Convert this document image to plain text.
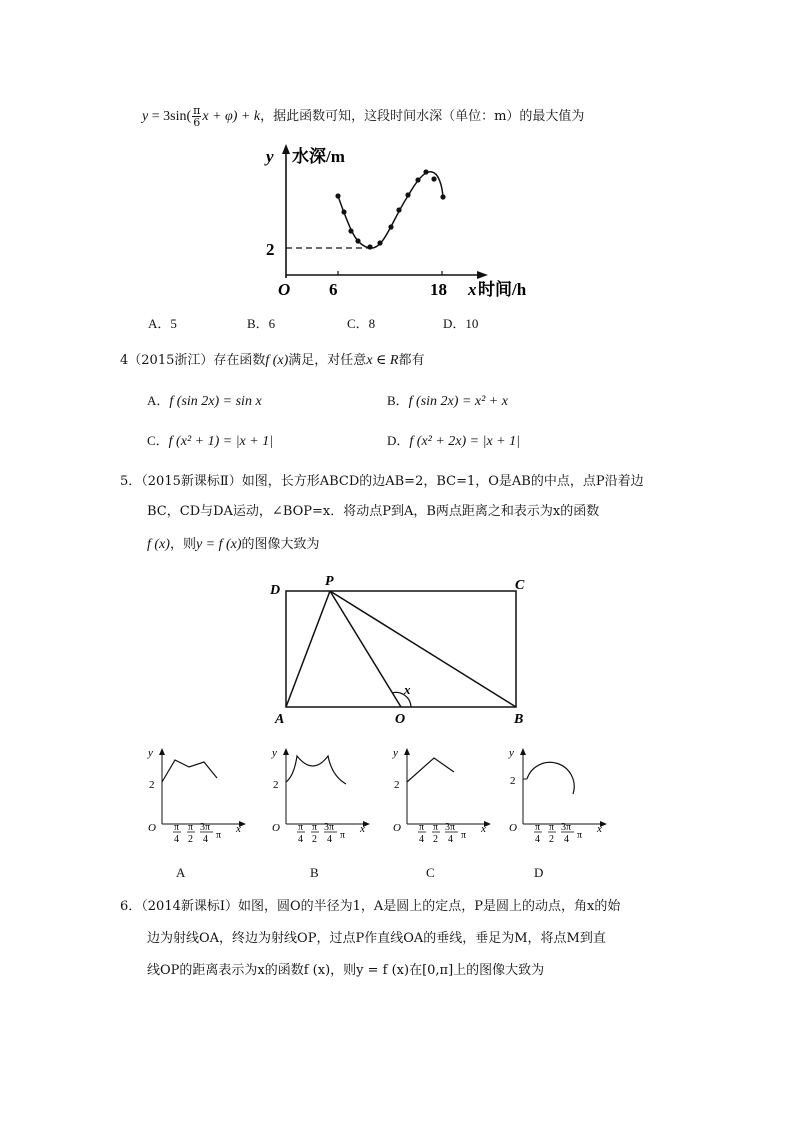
$y = 3\sin( \frac{\pi}{6}$ x + φ) + k，据此函数可知，这段时间水深（单位：m）的最大值为
y 水深/m
O
2
6	18 x 时间/h
A．5	B．6	C．8	D．10
4（2015浙江）存在函数f (x)满足，对任意x ∈ R都有
A．f (sin 2x) = sin x	B．f (sin 2x) = x² + x
C．f (x² + 1) = |x + 1|	D．f (x² + 2x) = |x + 1|
5．（2015新课标Ⅱ）如图，长方形ABCD的边AB=2，BC=1，O是AB的中点，点P沿着边
BC，CD与DA运动，∠BOP=x．将动点P到A，B两点距离之和表示为x的函数
f (x)，则y = f (x)的图像大致为
D
P	C
A	O	B
x
y
2
O	x
π
4
π
2
3π
4 π
y
2
O	x
π
4
π
2
3π
4 π
y
2
O	x
π
4
π
2
3π
4 π
y
2
O	x
π
4
π
2
3π
4 π
A	B	C	D
6．（2014新课标Ⅰ）如图，圆O的半径为1，A是圆上的定点，P是圆上的动点，角x的始
边为射线OA，终边为射线OP，过点P作直线OA的垂线，垂足为M，将点M到直
线OP的距离表示为x的函数f (x)，则y = f (x)在[0,π]上的图像大致为
